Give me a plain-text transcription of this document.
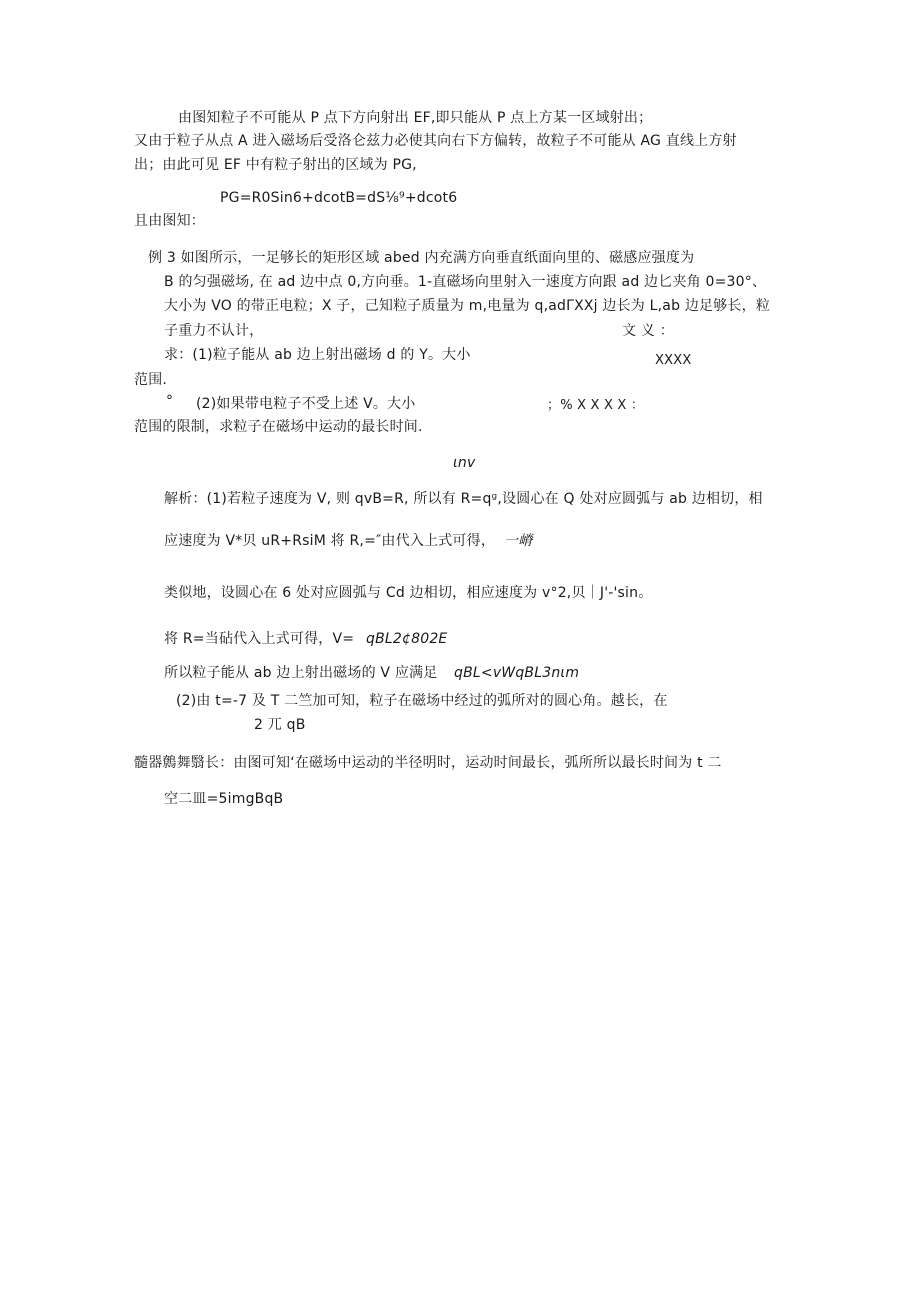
由图知粒子不可能从 P 点下方向射出 EF,即只能从 P 点上方某一区域射出；
又由于粒子从点 A 进入磁场后受洛仑兹力必使其向右下方偏转，故粒子不可能从 AG 直线上方射
出；由此可见 EF 中有粒子射出的区域为 PG,
PG=R0Sin6+dcotB=dS⅛⁹+dcot6
且由图知：
例 3 如图所示，一足够长的矩形区域 abed 内充满方向垂直纸面向里的、磁感应强度为
B 的匀强磁场, 在 ad 边中点 0,方向垂。1-直磁场向里射入一速度方向跟 ad 边匕夹角 0=30°、
大小为 VO 的带正电粒；X 子，己知粒子质量为 m,电量为 q,adΓXXj 边长为 L,ab 边足够长，粒
子重力不认计，	文 义 ：
求：(1)粒子能从 ab 边上射出磁场 d 的 Y。大小	XXXX
范围.
° (2)如果带电粒子不受上述 V。大小	；% X X X X ：
范围的限制，求粒子在磁场中运动的最长时间.
ιnv
解析：(1)若粒子速度为 V, 则 qvB=R, 所以有 R=qᶢ,设圆心在 Q 处对应圆弧与 ab 边相切，相
应速度为 V*贝 uR+RsiM 将 R,=″由代入上式可得， 一嵴
类似地，设圆心在 6 处对应圆弧与 Cd 边相切，相应速度为 v°2,贝｜J'-'sin。
将 R=当砧代入上式可得，V= qBL2¢802E
所以粒子能从 ab 边上射出磁场的 V 应满足 qBL<vWqBL3nιm
(2)由 t=-7 及 T 二竺加可知，粒子在磁场中经过的弧所对的圆心角。越长，在
2 兀 qB
髓器鷯舞翳长：由图可知‘在磁场中运动的半径明时，运动时间最长，弧所所以最长时间为 t 二
空二皿=5imgBqB
